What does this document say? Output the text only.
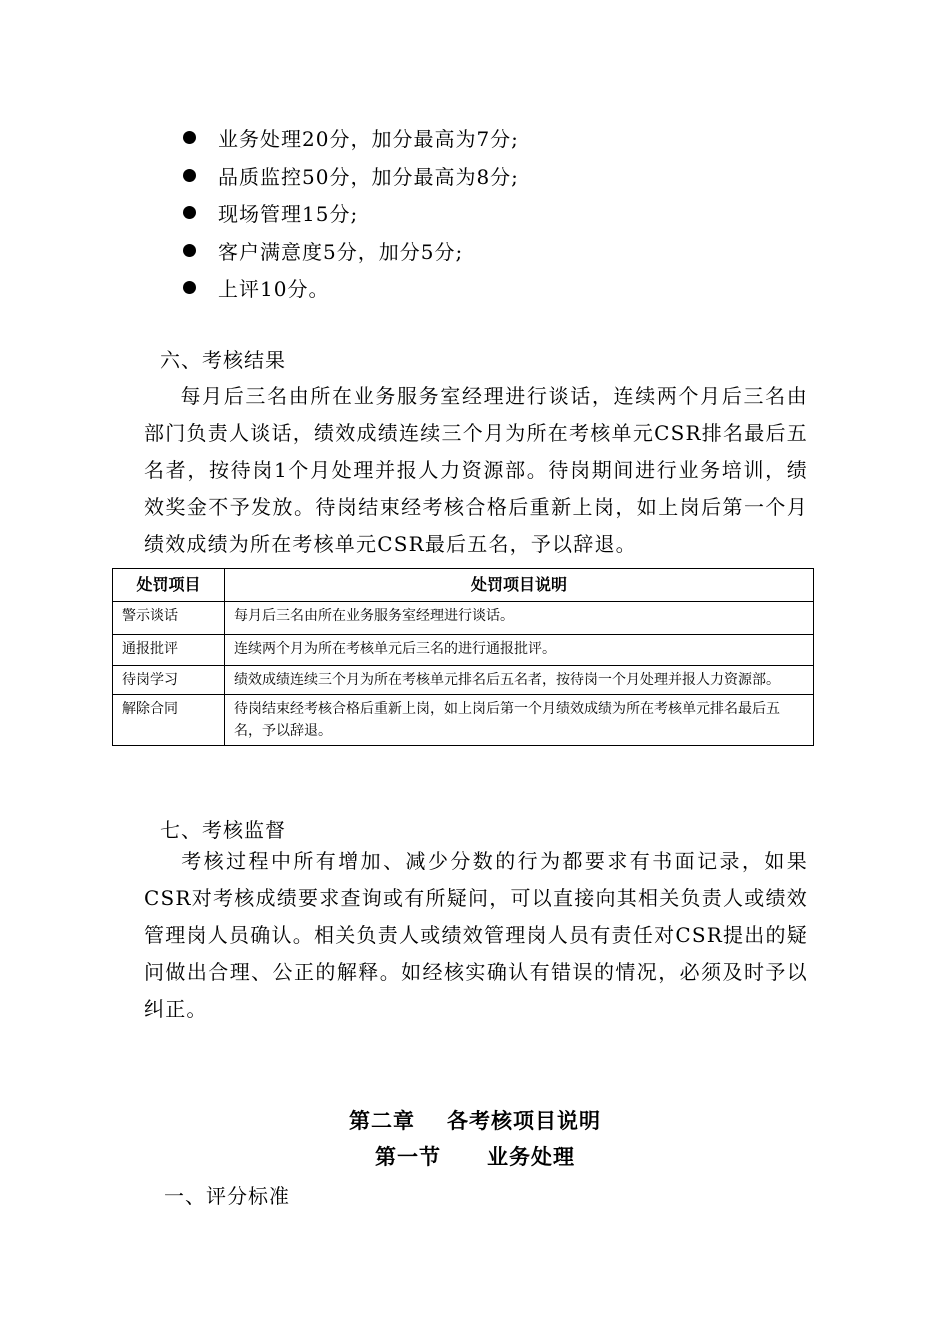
业务处理20分，加分最高为7分;
品质监控50分，加分最高为8分;
现场管理15分;
客户满意度5分，加分5分;
上评10分。
六、考核结果
每月后三名由所在业务服务室经理进行谈话，连续两个月后三名由部门负责人谈话，绩效成绩连续三个月为所在考核单元CSR排名最后五名者，按待岗1个月处理并报人力资源部。待岗期间进行业务培训，绩效奖金不予发放。待岗结束经考核合格后重新上岗，如上岗后第一个月绩效成绩为所在考核单元CSR最后五名，予以辞退。
处罚项目	处罚项目说明
警示谈话	每月后三名由所在业务服务室经理进行谈话。
通报批评	连续两个月为所在考核单元后三名的进行通报批评。
待岗学习	绩效成绩连续三个月为所在考核单元排名后五名者，按待岗一个月处理并报人力资源部。
解除合同	待岗结束经考核合格后重新上岗，如上岗后第一个月绩效成绩为所在考核单元排名最后五名，予以辞退。
七、考核监督
考核过程中所有增加、减少分数的行为都要求有书面记录，如果CSR对考核成绩要求查询或有所疑问，可以直接向其相关负责人或绩效管理岗人员确认。相关负责人或绩效管理岗人员有责任对CSR提出的疑问做出合理、公正的解释。如经核实确认有错误的情况，必须及时予以纠正。
第二章 各考核项目说明
第一节 业务处理
一、评分标准
